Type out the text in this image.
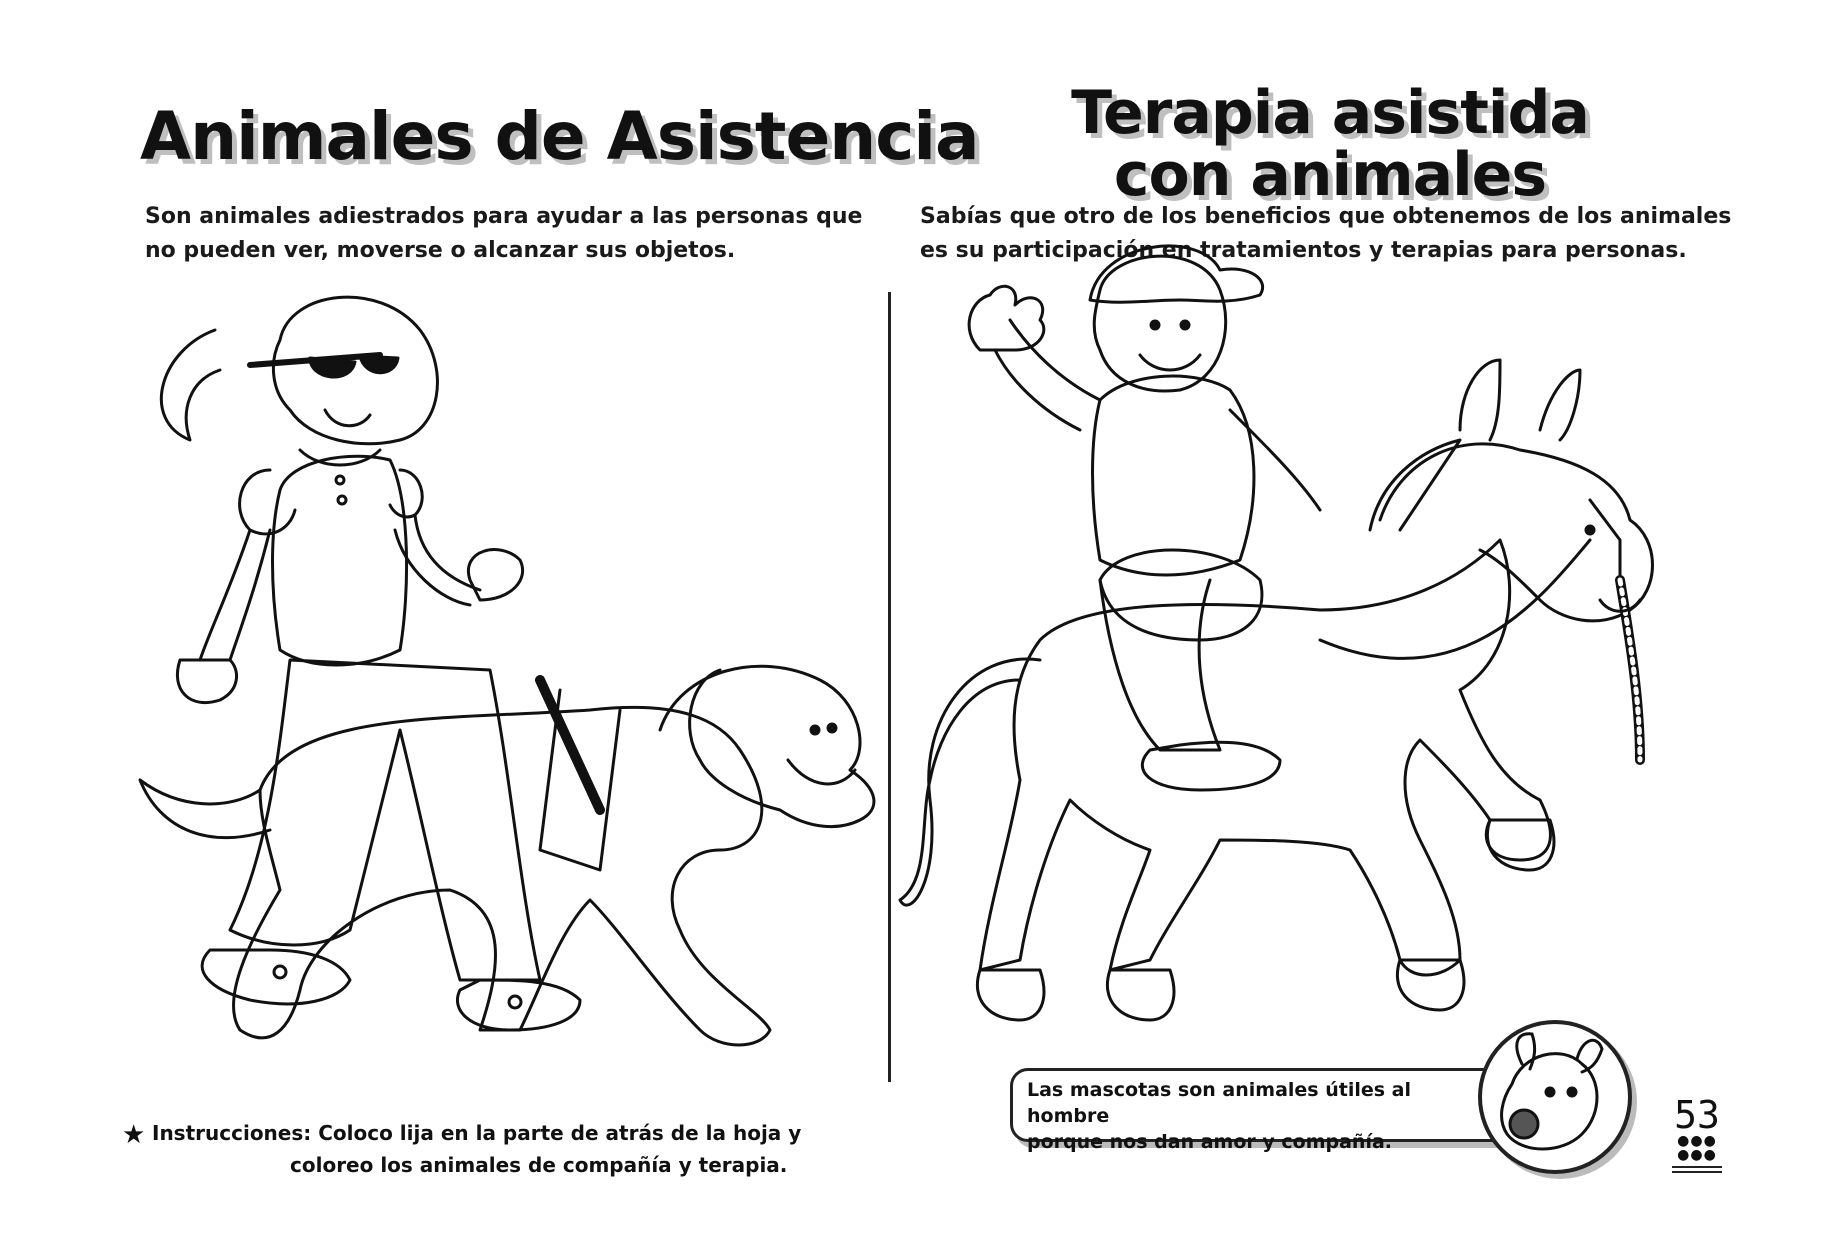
Animales de Asistencia	Terapia asistida
con animales

Son animales adiestrados para ayudar a las personas que
no pueden ver, moverse o alcanzar sus objetos.

Sabías que otro de los beneficios que obtenemos de los animales
es su participación en tratamientos y terapias para personas.

★ Instrucciones: Coloco lija en la parte de atrás de la hoja y
coloreo los animales de compañía y terapia.

Las mascotas son animales útiles al hombre
porque nos dan amor y compañía.

53
●●●
●●●
